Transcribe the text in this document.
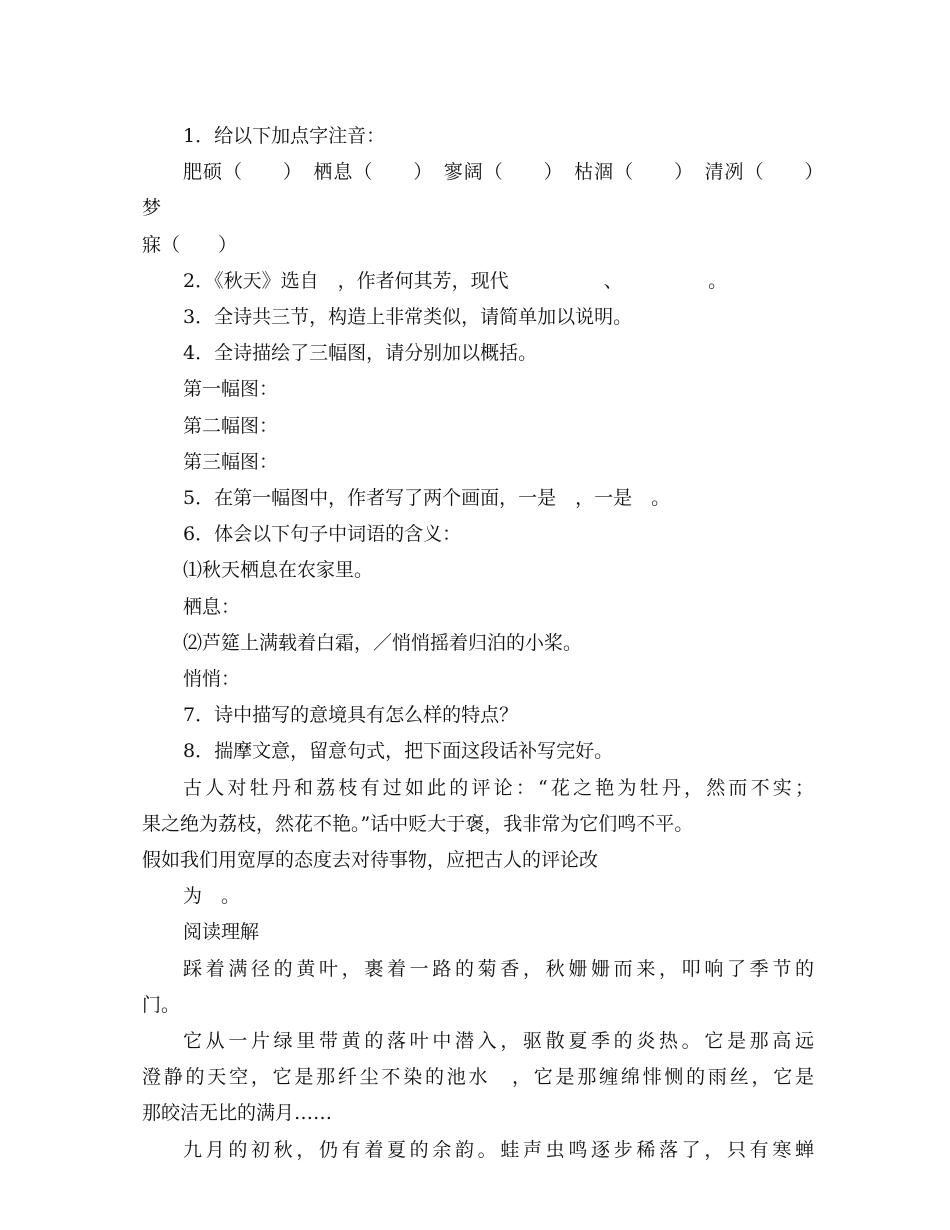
1．给以下加点字注音：

肥硕（　　）　栖息（　　）　寥阔（　　）　枯涸（　　）　清冽（　　）　梦

寐（　　）

2．《秋天》选自　，作者何其芳，现代　　　　　、　　　　　。

3．全诗共三节，构造上非常类似，请简单加以说明。

4．全诗描绘了三幅图，请分别加以概括。

第一幅图：

第二幅图：

第三幅图：

5．在第一幅图中，作者写了两个画面，一是　，一是　。

6．体会以下句子中词语的含义：

⑴秋天栖息在农家里。

栖息：

⑵芦筵上满载着白霜，／悄悄摇着归泊的小桨。

悄悄：

7．诗中描写的意境具有怎么样的特点？

8．揣摩文意，留意句式，把下面这段话补写完好。

古人对牡丹和荔枝有过如此的评论：“花之艳为牡丹，然而不实；

果之绝为荔枝，然花不艳。”话中贬大于褒，我非常为它们鸣不平。

假如我们用宽厚的态度去对待事物，应把古人的评论改

为　。

阅读理解

踩着满径的黄叶，裹着一路的菊香，秋姗姗而来，叩响了季节的

门。

它从一片绿里带黄的落叶中潜入，驱散夏季的炎热。它是那高远

澄静的天空，它是那纤尘不染的池水　，它是那缠绵悱恻的雨丝，它是

那皎洁无比的满月……

九月的初秋，仍有着夏的余韵。蛙声虫鸣逐步稀落了，只有寒蝉
